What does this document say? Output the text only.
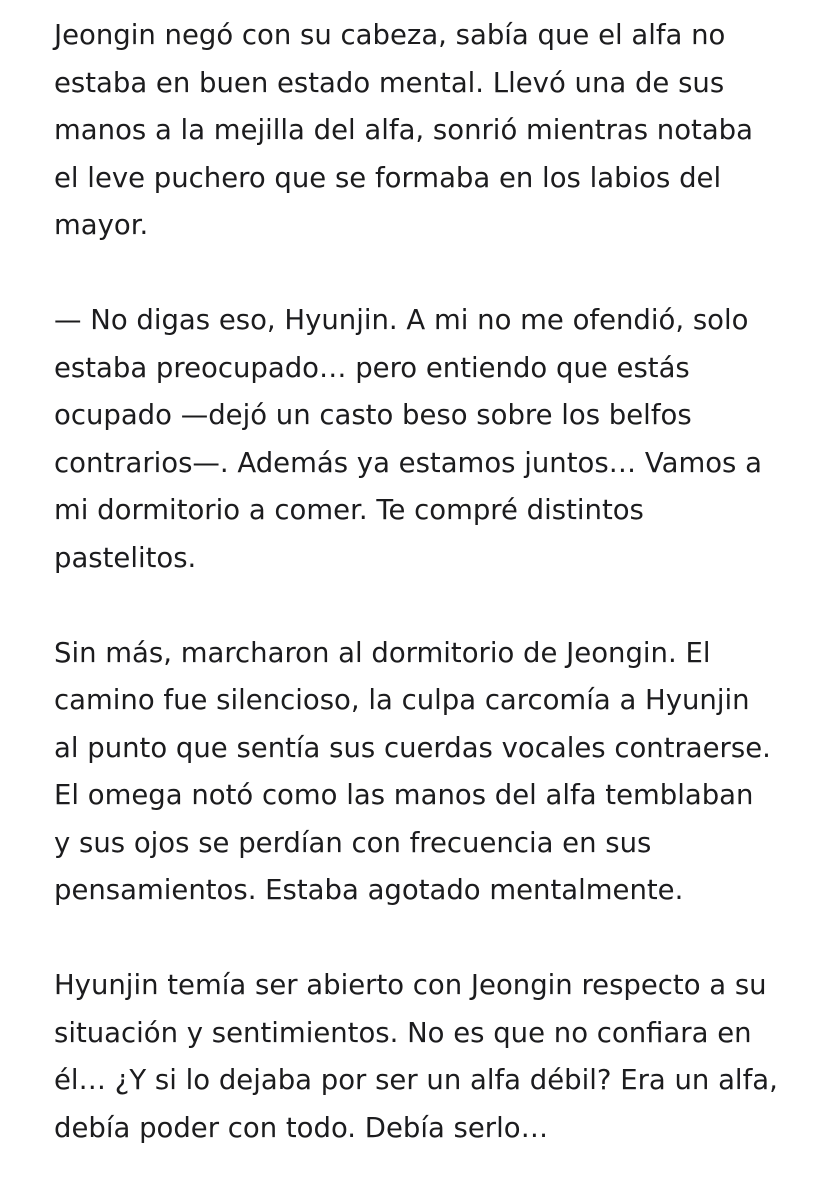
Jeongin negó con su cabeza, sabía que el alfa no
estaba en buen estado mental. Llevó una de sus
manos a la mejilla del alfa, sonrió mientras notaba
el leve puchero que se formaba en los labios del
mayor.

— No digas eso, Hyunjin. A mi no me ofendió, solo
estaba preocupado… pero entiendo que estás
ocupado —dejó un casto beso sobre los belfos
contrarios—. Además ya estamos juntos… Vamos a
mi dormitorio a comer. Te compré distintos
pastelitos.

Sin más, marcharon al dormitorio de Jeongin. El
camino fue silencioso, la culpa carcomía a Hyunjin
al punto que sentía sus cuerdas vocales contraerse.
El omega notó como las manos del alfa temblaban
y sus ojos se perdían con frecuencia en sus
pensamientos. Estaba agotado mentalmente.

Hyunjin temía ser abierto con Jeongin respecto a su
situación y sentimientos. No es que no confiara en
él… ¿Y si lo dejaba por ser un alfa débil? Era un alfa,
debía poder con todo. Debía serlo…
